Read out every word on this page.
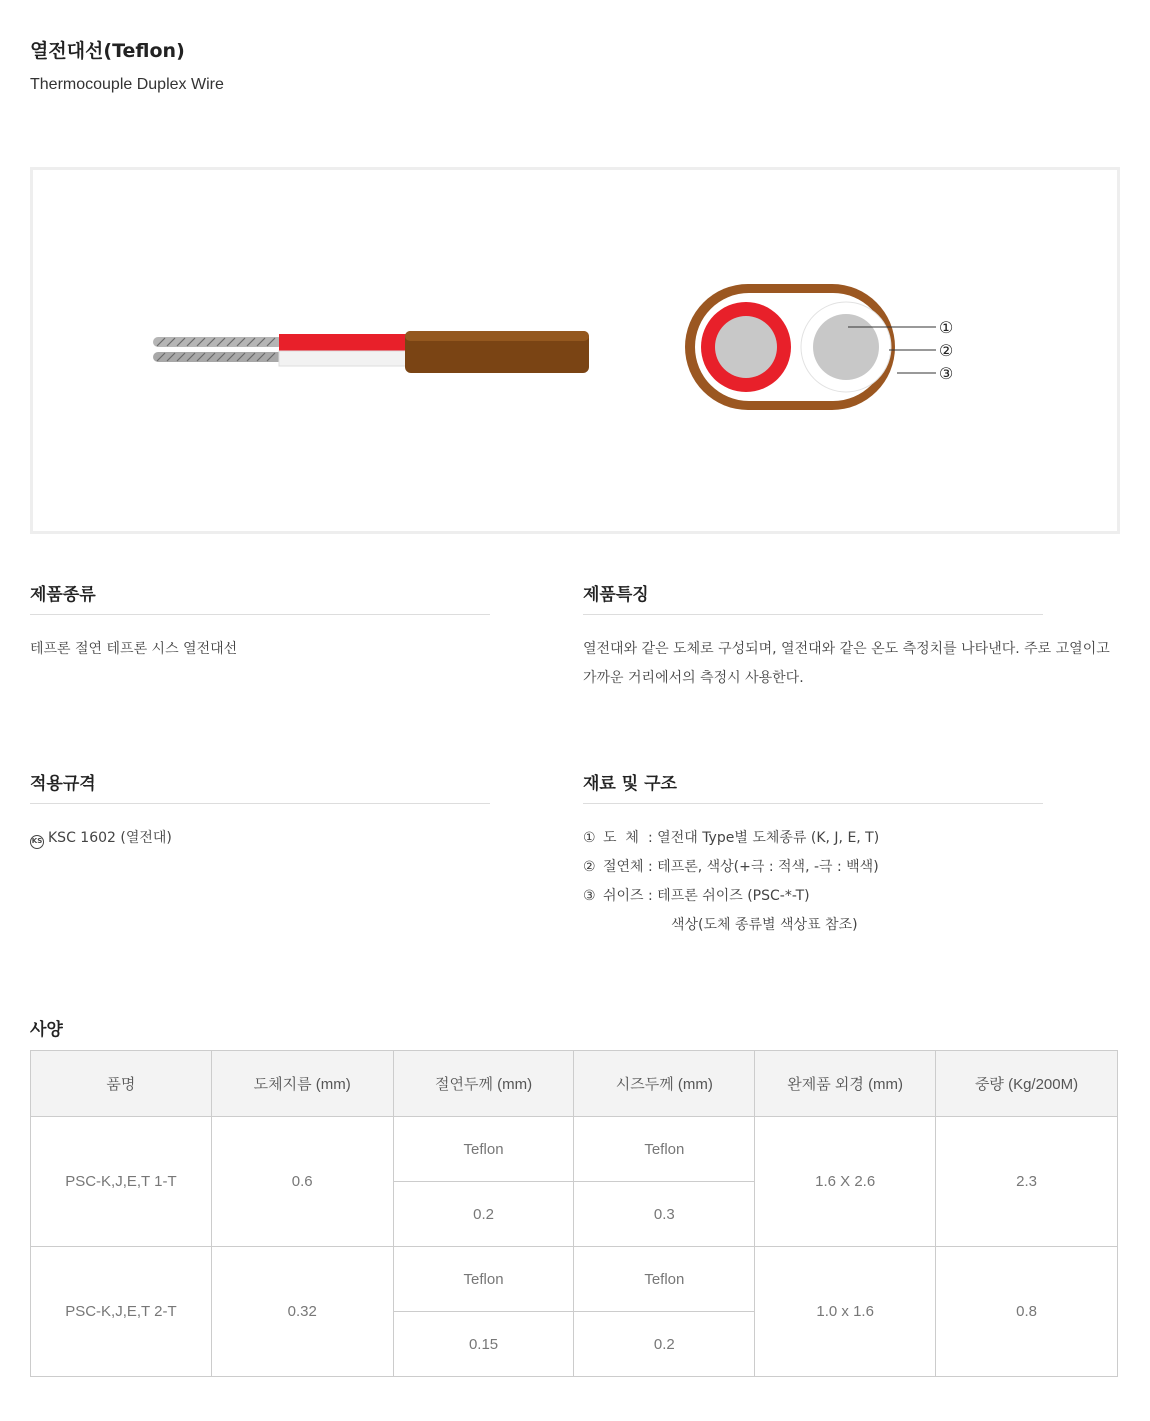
열전대선(Teflon)
Thermocouple Duplex Wire
①
②
③
제품종류
테프론 절연 테프론 시스 열전대선
제품특징
열전대와 같은 도체로 구성되며, 열전대와 같은 온도 측정치를 나타낸다. 주로 고열이고 가까운 거리에서의 측정시 사용한다.
적용규격
KS KSC 1602 (열전대)
재료 및 구조
① 도  체 : 열전대 Type별 도체종류 (K, J, E, T)
② 절연체 : 테프론, 색상(+극 : 적색, -극 : 백색)
③ 쉬이즈 : 테프론 쉬이즈 (PSC-*-T)
색상(도체 종류별 색상표 참조)
사양
품명	도체지름 (mm)	절연두께 (mm)	시즈두께 (mm)	완제품 외경 (mm)	중량 (Kg/200M)
PSC-K,J,E,T 1-T	0.6	Teflon	Teflon	1.6 X 2.6	2.3
		0.2	0.3		
PSC-K,J,E,T 2-T	0.32	Teflon	Teflon	1.0 x 1.6	0.8
		0.15	0.2		
